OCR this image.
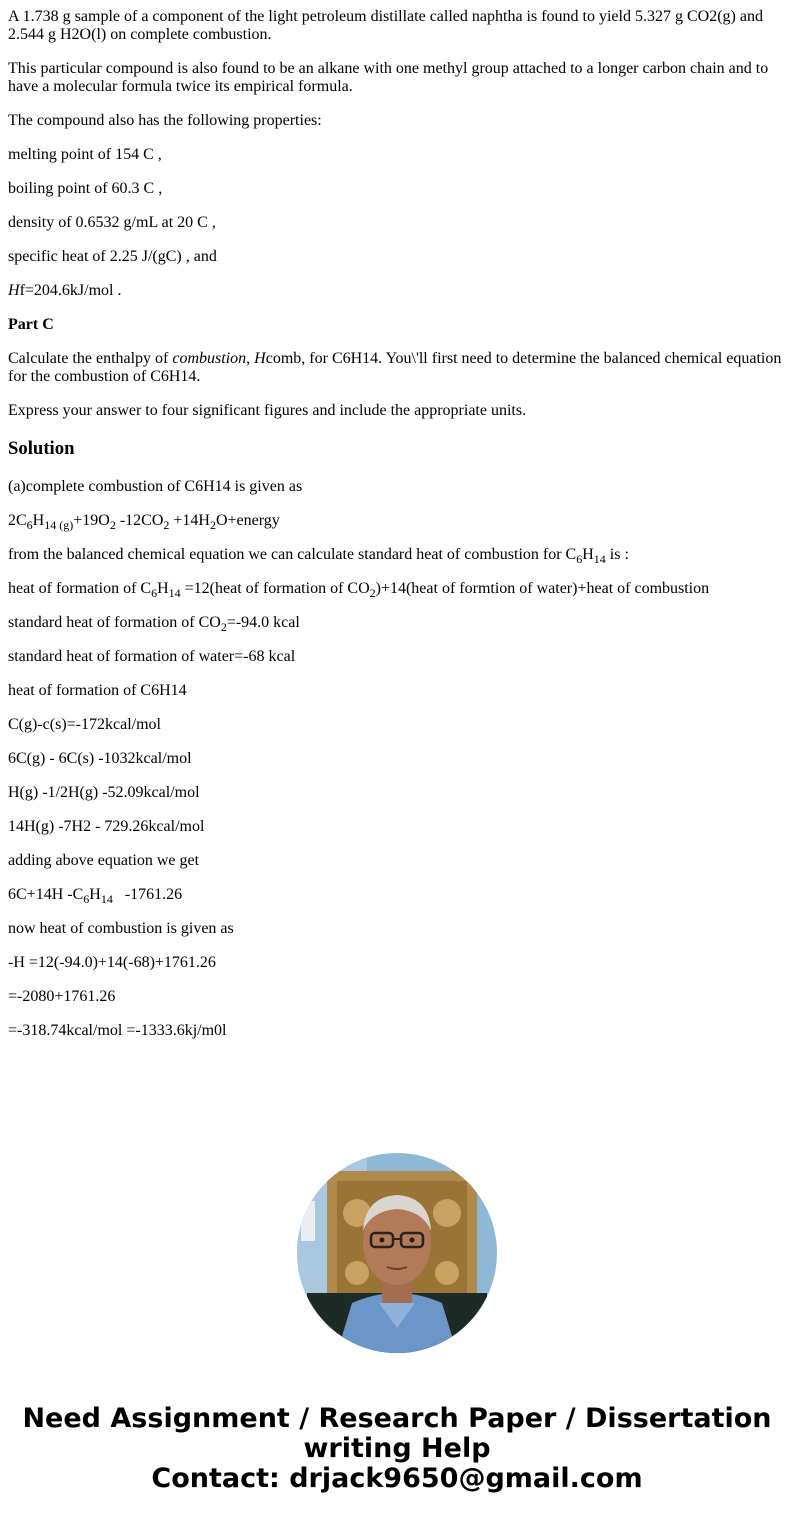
A 1.738 g sample of a component of the light petroleum distillate called naphtha is found to yield 5.327 g CO2(g) and 2.544 g H2O(l) on complete combustion.

This particular compound is also found to be an alkane with one methyl group attached to a longer carbon chain and to have a molecular formula twice its empirical formula.

The compound also has the following properties:

melting point of 154 C ,

boiling point of 60.3 C ,

density of 0.6532 g/mL at 20 C ,

specific heat of 2.25 J/(gC) , and

Hf=204.6kJ/mol .

Part C

Calculate the enthalpy of combustion, Hcomb, for C6H14. You\'ll first need to determine the balanced chemical equation for the combustion of C6H14.

Express your answer to four significant figures and include the appropriate units.

Solution

(a)complete combustion of C6H14 is given as

$2C_6H_{14 (g)}+19O_2$ $-12CO_2$ $+14H_2O+energy$

from the balanced chemical equation we can calculate standard heat of combustion for $C_6H_{14}$ is :

heat of formation of $C_6H_{14}$ =12(heat of formation of $CO_2)+14(heat$ of formtion of water)+heat of combustion

standard heat of formation of $CO_2=-94.0$ kcal

standard heat of formation of water=-68 kcal

heat of formation of C6H14

C(g)-c(s)=-172kcal/mol

6C(g) - 6C(s) -1032kcal/mol

H(g) -1/2H(g) -52.09kcal/mol

14H(g) -7H2 - 729.26kcal/mol

adding above equation we get

6C+14H $-C_6H_{14}$   -1761.26

now heat of combustion is given as

-H =12(-94.0)+14(-68)+1761.26

=-2080+1761.26

=-318.74kcal/mol =-1333.6kj/m0l

Need Assignment / Research Paper / Dissertation
writing Help
Contact: drjack9650@gmail.com
